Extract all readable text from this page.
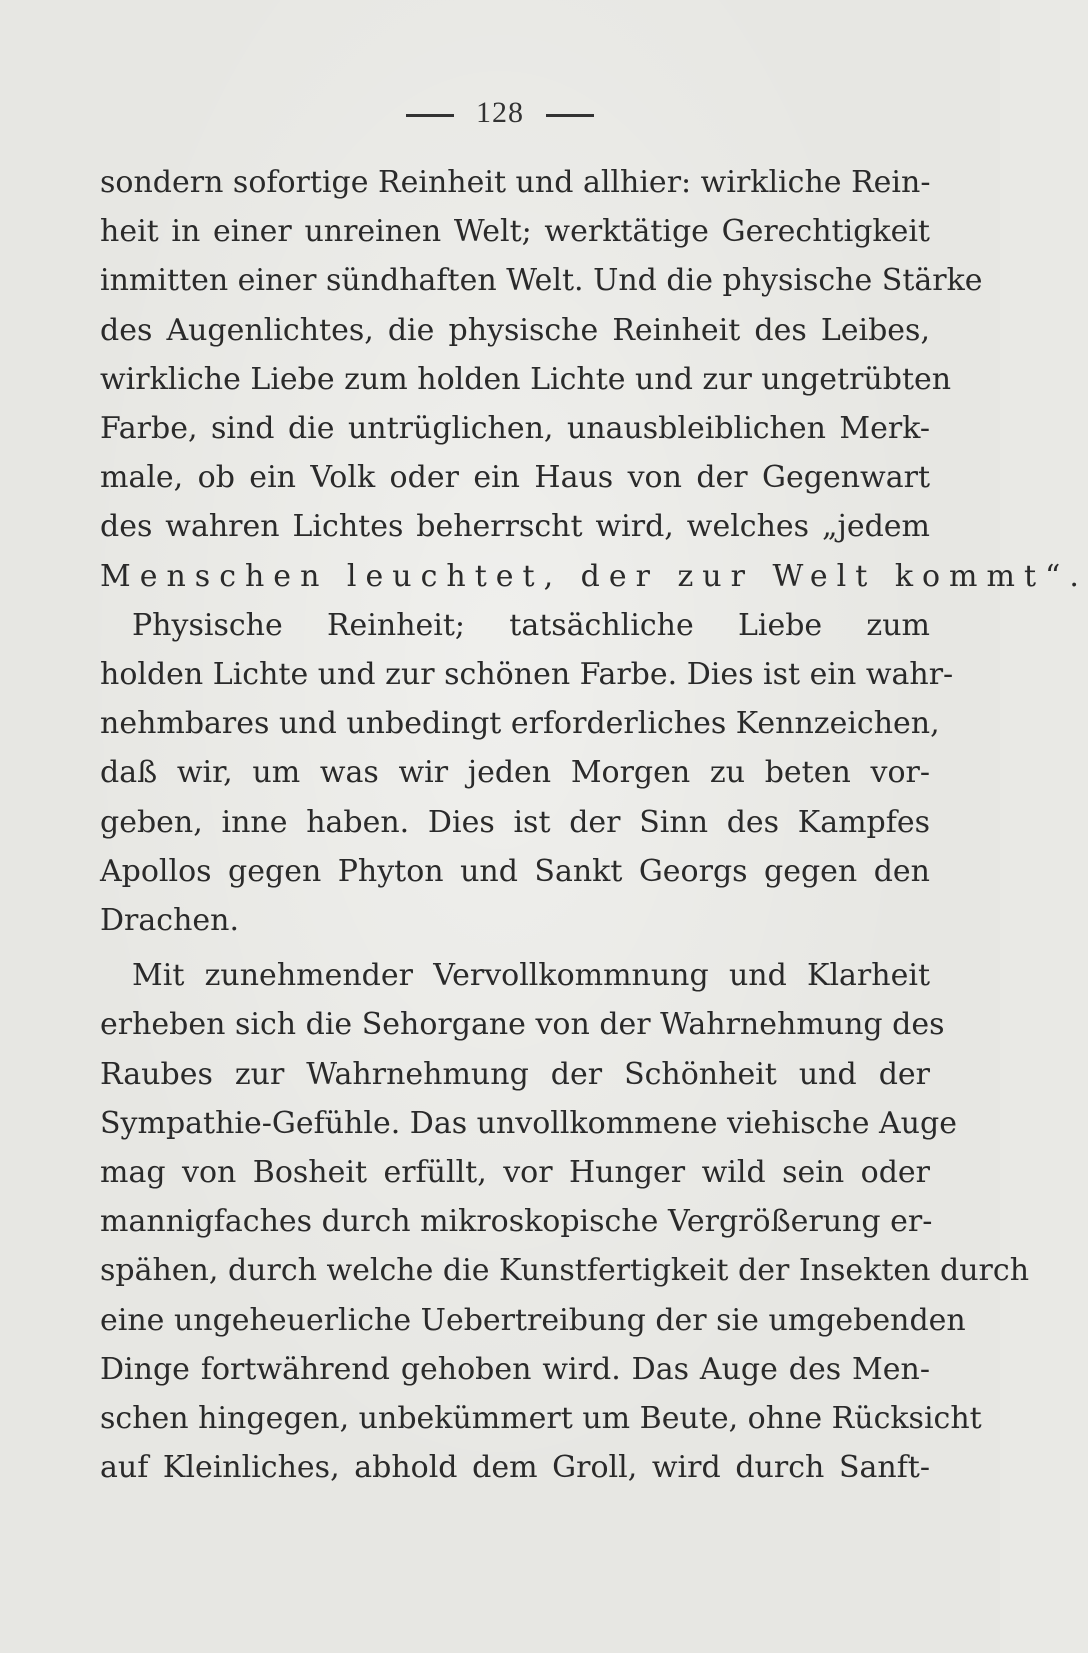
128
sondern sofortige Reinheit und allhier: wirkliche Rein-
heit in einer unreinen Welt; werktätige Gerechtigkeit
inmitten einer sündhaften Welt. Und die physische Stärke
des Augenlichtes, die physische Reinheit des Leibes,
wirkliche Liebe zum holden Lichte und zur ungetrübten
Farbe, sind die untrüglichen, unausbleiblichen Merk-
male, ob ein Volk oder ein Haus von der Gegenwart
des wahren Lichtes beherrscht wird, welches „jedem
Menschen leuchtet, der zur Welt kommt“.
Physische Reinheit; tatsächliche Liebe zum
holden Lichte und zur schönen Farbe. Dies ist ein wahr-
nehmbares und unbedingt erforderliches Kennzeichen,
daß wir, um was wir jeden Morgen zu beten vor-
geben, inne haben. Dies ist der Sinn des Kampfes
Apollos gegen Phyton und Sankt Georgs gegen den
Drachen.
Mit zunehmender Vervollkommnung und Klarheit
erheben sich die Sehorgane von der Wahrnehmung des
Raubes zur Wahrnehmung der Schönheit und der
Sympathie-Gefühle. Das unvollkommene viehische Auge
mag von Bosheit erfüllt, vor Hunger wild sein oder
mannigfaches durch mikroskopische Vergrößerung er-
spähen, durch welche die Kunstfertigkeit der Insekten durch
eine ungeheuerliche Uebertreibung der sie umgebenden
Dinge fortwährend gehoben wird. Das Auge des Men-
schen hingegen, unbekümmert um Beute, ohne Rücksicht
auf Kleinliches, abhold dem Groll, wird durch Sanft-
